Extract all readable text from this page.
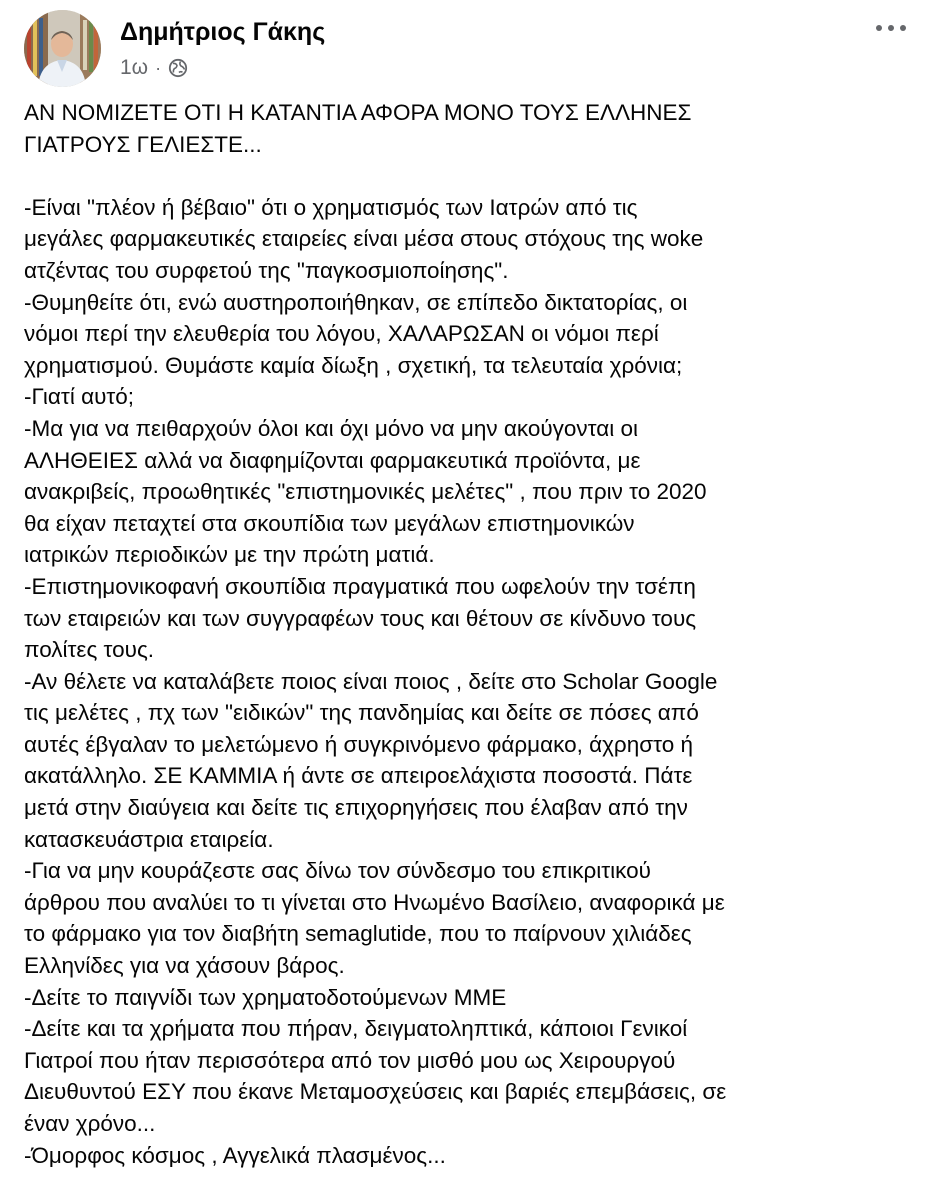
Δημήτριος Γάκης
1ω ·

ΑΝ ΝΟΜΙΖΕΤΕ ΟΤΙ Η ΚΑΤΑΝΤΙΑ ΑΦΟΡΑ ΜΟΝΟ ΤΟΥΣ ΕΛΛΗΝΕΣ

ΓΙΑΤΡΟΥΣ ΓΕΛΙΕΣΤΕ...

-Είναι "πλέον ή βέβαιο" ότι ο χρηματισμός των Ιατρών από τις

μεγάλες φαρμακευτικές εταιρείες είναι μέσα στους στόχους της woke

ατζέντας του συρφετού της "παγκοσμιοποίησης".

-Θυμηθείτε ότι, ενώ αυστηροποιήθηκαν, σε επίπεδο δικτατορίας, οι

νόμοι περί την ελευθερία του λόγου, ΧΑΛΑΡΩΣΑΝ οι νόμοι περί

χρηματισμού. Θυμάστε καμία δίωξη , σχετική, τα τελευταία χρόνια;

-Γιατί αυτό;

-Μα για να πειθαρχούν όλοι και όχι μόνο να μην ακούγονται οι

ΑΛΗΘΕΙΕΣ αλλά να διαφημίζονται φαρμακευτικά προϊόντα, με

ανακριβείς, προωθητικές "επιστημονικές μελέτες" , που πριν το 2020

θα είχαν πεταχτεί στα σκουπίδια των μεγάλων επιστημονικών

ιατρικών περιοδικών με την πρώτη ματιά.

-Επιστημονικοφανή σκουπίδια πραγματικά που ωφελούν την τσέπη

των εταιρειών και των συγγραφέων τους και θέτουν σε κίνδυνο τους

πολίτες τους.

-Αν θέλετε να καταλάβετε ποιος είναι ποιος , δείτε στο Scholar Google

τις μελέτες , πχ των "ειδικών" της πανδημίας και δείτε σε πόσες από

αυτές έβγαλαν το μελετώμενο ή συγκρινόμενο φάρμακο, άχρηστο ή

ακατάλληλο. ΣΕ ΚΑΜΜΙΑ ή άντε σε απειροελάχιστα ποσοστά. Πάτε

μετά στην διαύγεια και δείτε τις επιχορηγήσεις που έλαβαν από την

κατασκευάστρια εταιρεία.

-Για να μην κουράζεστε σας δίνω τον σύνδεσμο του επικριτικού

άρθρου που αναλύει το τι γίνεται στο Ηνωμένο Βασίλειο, αναφορικά με

το φάρμακο για τον διαβήτη semaglutide, που το παίρνουν χιλιάδες

Ελληνίδες για να χάσουν βάρος.

-Δείτε το παιγνίδι των χρηματοδοτούμενων ΜΜΕ

-Δείτε και τα χρήματα που πήραν, δειγματοληπτικά, κάποιοι Γενικοί

Γιατροί που ήταν περισσότερα από τον μισθό μου ως Χειρουργού

Διευθυντού ΕΣΥ που έκανε Μεταμοσχεύσεις και βαριές επεμβάσεις, σε

έναν χρόνο...

-Όμορφος κόσμος , Αγγελικά πλασμένος...
